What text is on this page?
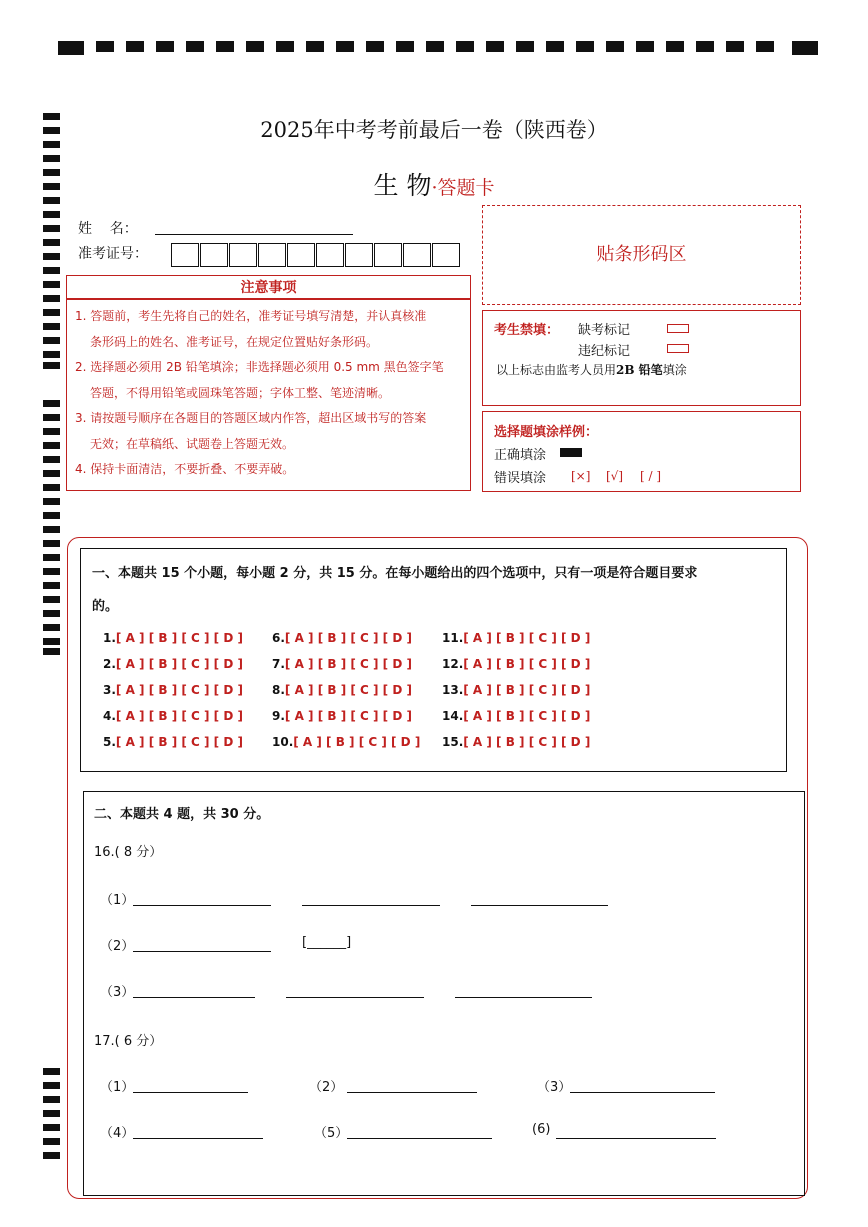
2025年中考考前最后一卷（陕西卷）
生 物·答题卡
姓    名：
准考证号：	贴条形码区
注意事项

1. 答题前，考生先将自己的姓名，准考证号填写清楚，并认真核准

条形码上的姓名、准考证号，在规定位置贴好条形码。

2. 选择题必须用 2B 铅笔填涂；非选择题必须用 0.5 mm 黑色签字笔

答题，不得用铅笔或圆珠笔答题；字体工整、笔迹清晰。

3. 请按题号顺序在各题目的答题区域内作答，超出区域书写的答案

无效；在草稿纸、试题卷上答题无效。

4. 保持卡面清洁，不要折叠、不要弄破。

考生禁填： 缺考标记
违纪标记
以上标志由监考人员用2B 铅笔填涂
选择题填涂样例：
正确填涂
错误填涂 [×] [√] [ / ]
一、本题共 15 个小题，每小题 2 分，共 15 分。在每小题给出的四个选项中，只有一项是符合题目要求
的。
1.[ A ] [ B ] [ C ] [ D ]
2.[ A ] [ B ] [ C ] [ D ]
3.[ A ] [ B ] [ C ] [ D ]
4.[ A ] [ B ] [ C ] [ D ]
5.[ A ] [ B ] [ C ] [ D ]
6.[ A ] [ B ] [ C ] [ D ]
7.[ A ] [ B ] [ C ] [ D ]
8.[ A ] [ B ] [ C ] [ D ]
9.[ A ] [ B ] [ C ] [ D ]
10.[ A ] [ B ] [ C ] [ D ]
11.[ A ] [ B ] [ C ] [ D ]
12.[ A ] [ B ] [ C ] [ D ]
13.[ A ] [ B ] [ C ] [ D ]
14.[ A ] [ B ] [ C ] [ D ]
15.[ A ] [ B ] [ C ] [ D ]
二、本题共 4 题，共 30 分。
16.( 8 分）
（1）
（2）	[______]
（3）
17.( 6 分）
（1）	（2）	（3）
（4）	（5）	(6)
